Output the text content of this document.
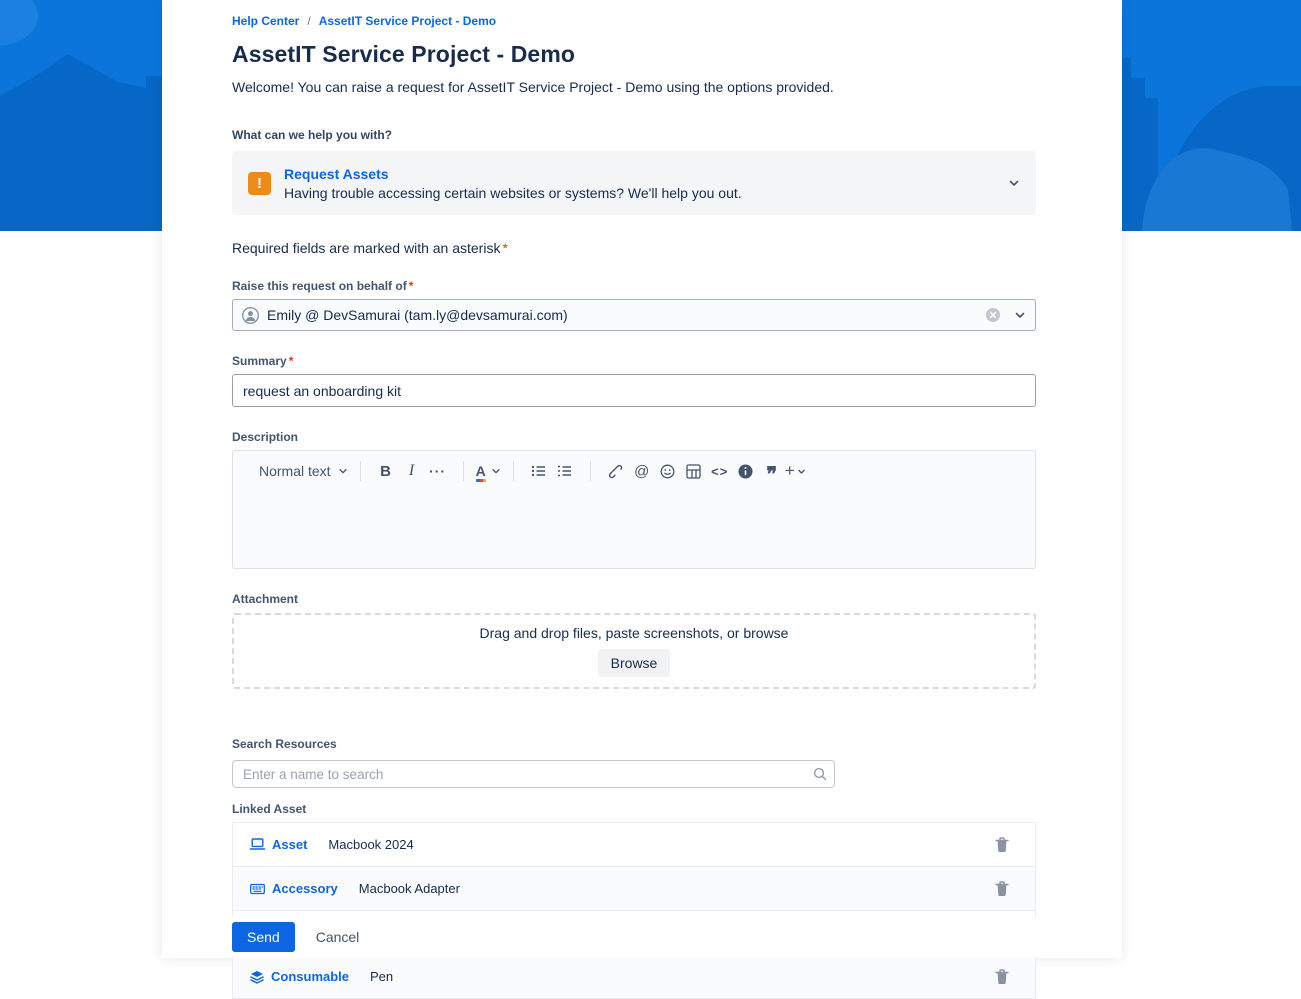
Help Center / AssetIT Service Project - Demo
AssetIT Service Project - Demo
Welcome! You can raise a request for AssetIT Service Project - Demo using the options provided.
What can we help you with?
!
Request Assets
Having trouble accessing certain websites or systems? We'll help you out.
Required fields are marked with an asterisk *
Raise this request on behalf of *
Emily @ DevSamurai (tam.ly@devsamurai.com)
Summary *
request an onboarding kit
Description
Normal text	B	I	···	A	@	<>	❞ +
Attachment
Drag and drop files, paste screenshots, or browse
Browse
Search Resources
Enter a name to search
Linked Asset
Asset Macbook 2024
Accessory Macbook Adapter
Consumable Pen
Send	Cancel
